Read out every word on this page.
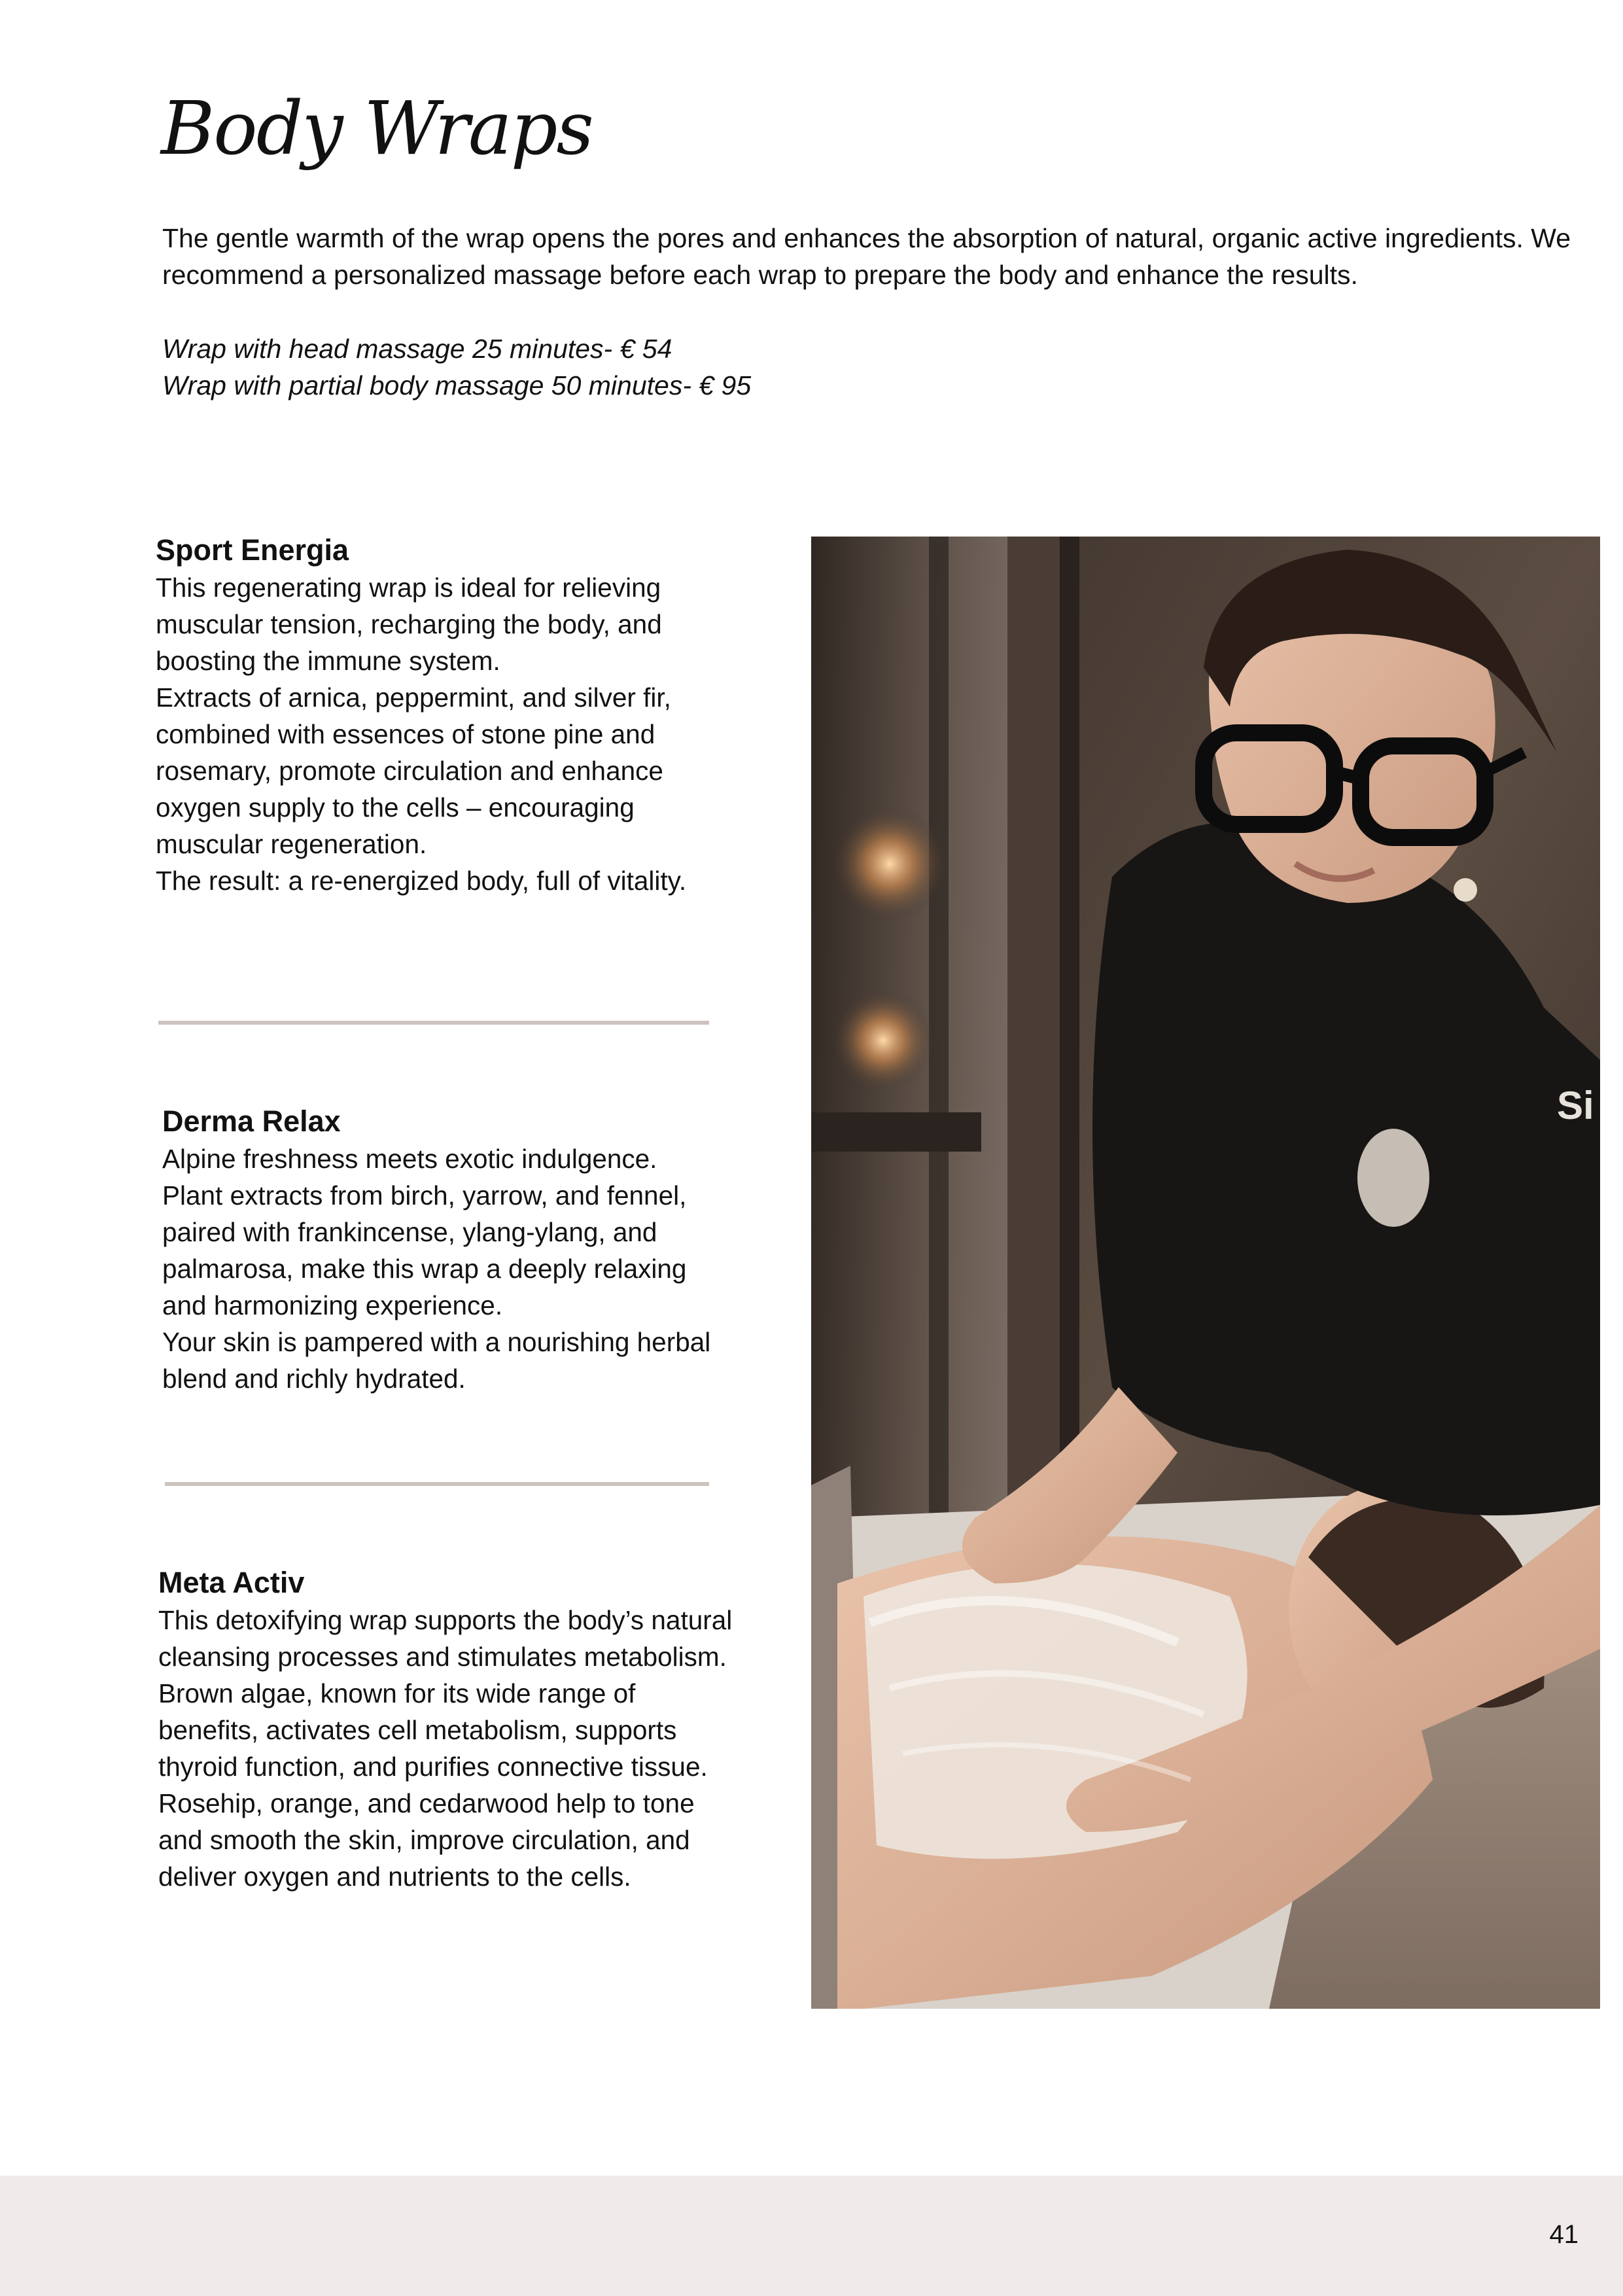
Body Wraps

The gentle warmth of the wrap opens the pores and enhances the absorption of natural, organic active ingredients. We recommend a personalized massage before each wrap to prepare the body and enhance the results.

Wrap with head massage 25 minutes- € 54
Wrap with partial body massage 50 minutes- € 95
Sport Energia

This regenerating wrap is ideal for relieving muscular tension, recharging the body, and boosting the immune system.

Extracts of arnica, peppermint, and silver fir, combined with essences of stone pine and rosemary, promote circulation and enhance oxygen supply to the cells – encouraging muscular regeneration.

The result: a re-energized body, full of vitality.

Derma Relax

Alpine freshness meets exotic indulgence.

Plant extracts from birch, yarrow, and fennel, paired with frankincense, ylang-ylang, and palmarosa, make this wrap a deeply relaxing and harmonizing experience.

Your skin is pampered with a nourishing herbal blend and richly hydrated.

Meta Activ

This detoxifying wrap supports the body’s natural cleansing processes and stimulates metabolism.

Brown algae, known for its wide range of benefits, activates cell metabolism, supports thyroid function, and purifies connective tissue.

Rosehip, orange, and cedarwood help to tone and smooth the skin, improve circulation, and deliver oxygen and nutrients to the cells.

Si
41
